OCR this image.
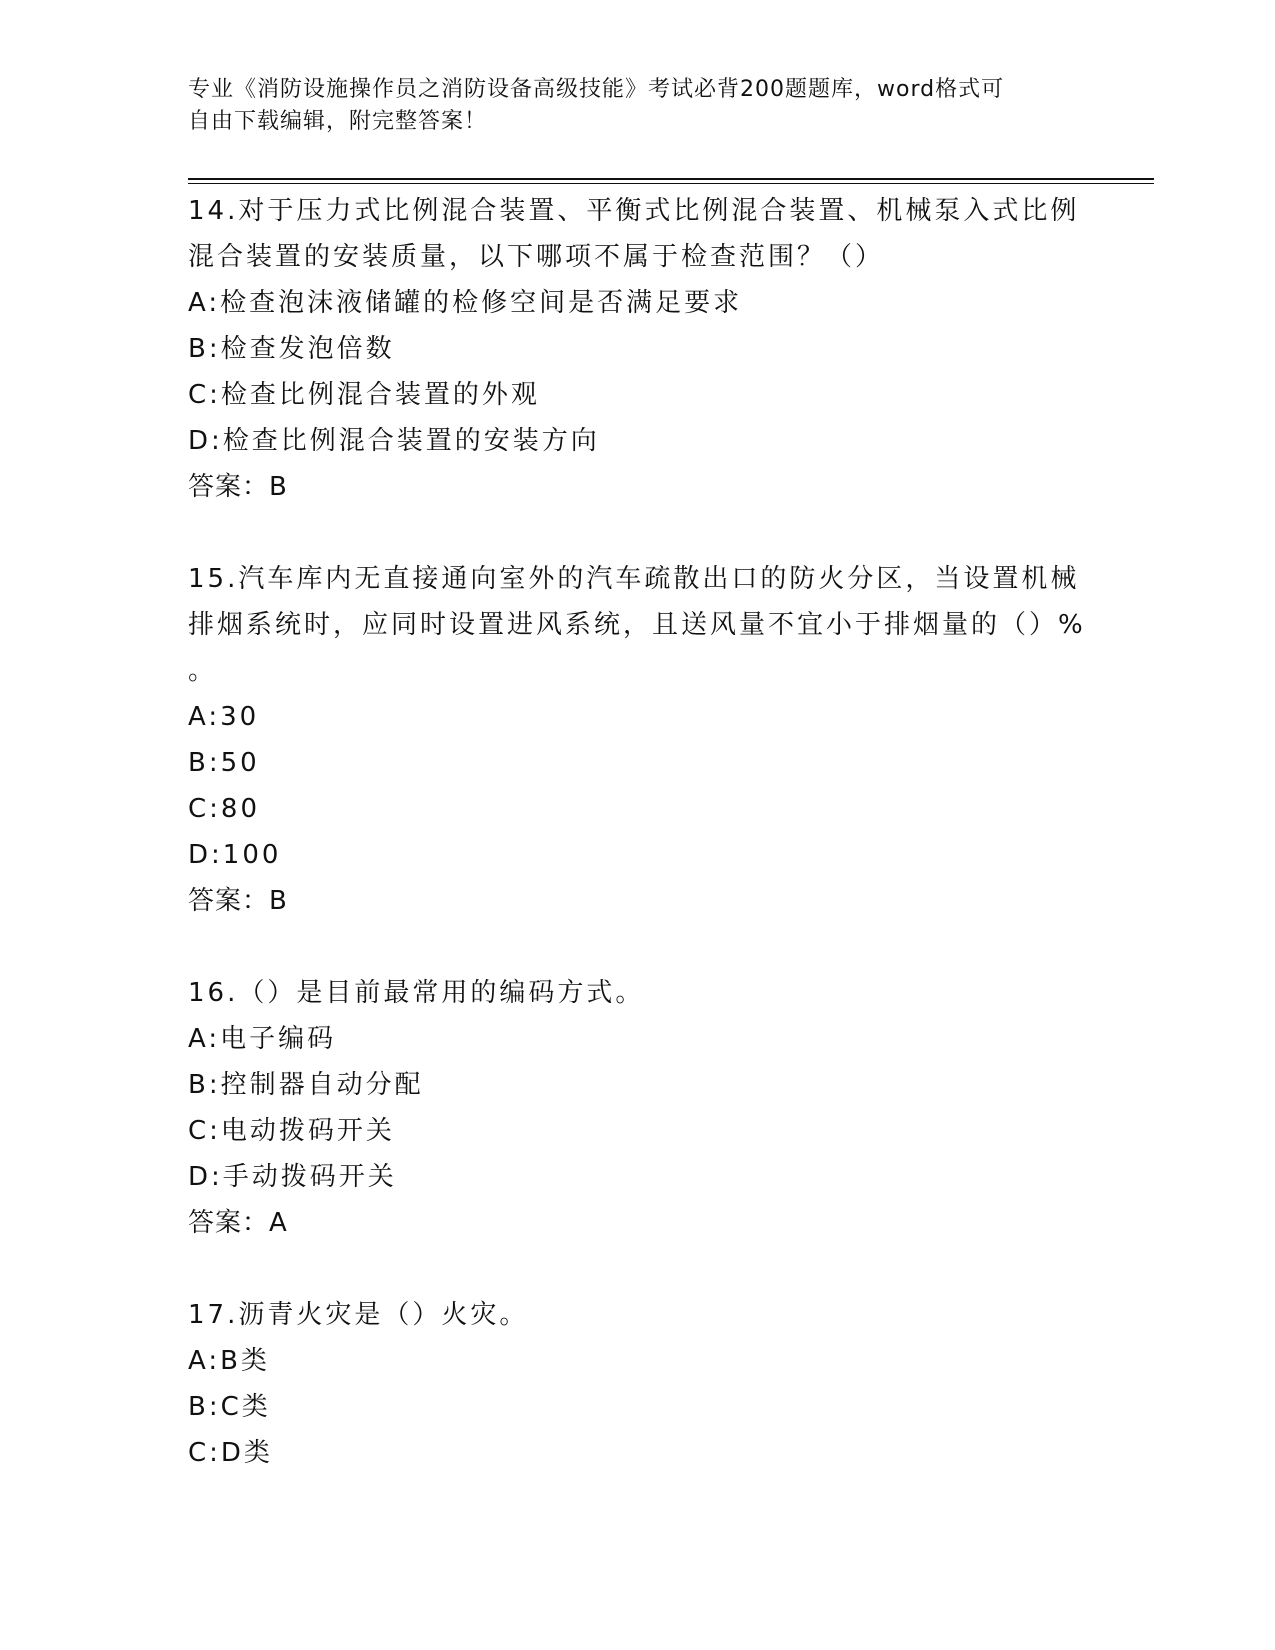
专业《消防设施操作员之消防设备高级技能》考试必背200题题库，word格式可
自由下载编辑，附完整答案！

14.对于压力式比例混合装置、平衡式比例混合装置、机械泵入式比例

混合装置的安装质量，以下哪项不属于检查范围？（）

A:检查泡沫液储罐的检修空间是否满足要求

B:检查发泡倍数

C:检查比例混合装置的外观

D:检查比例混合装置的安装方向

答案：B

15.汽车库内无直接通向室外的汽车疏散出口的防火分区，当设置机械

排烟系统时，应同时设置进风系统，且送风量不宜小于排烟量的（）%

。

A:30

B:50

C:80

D:100

答案：B

16.（）是目前最常用的编码方式。

A:电子编码

B:控制器自动分配

C:电动拨码开关

D:手动拨码开关

答案：A

17.沥青火灾是（）火灾。

A:B类

B:C类

C:D类
